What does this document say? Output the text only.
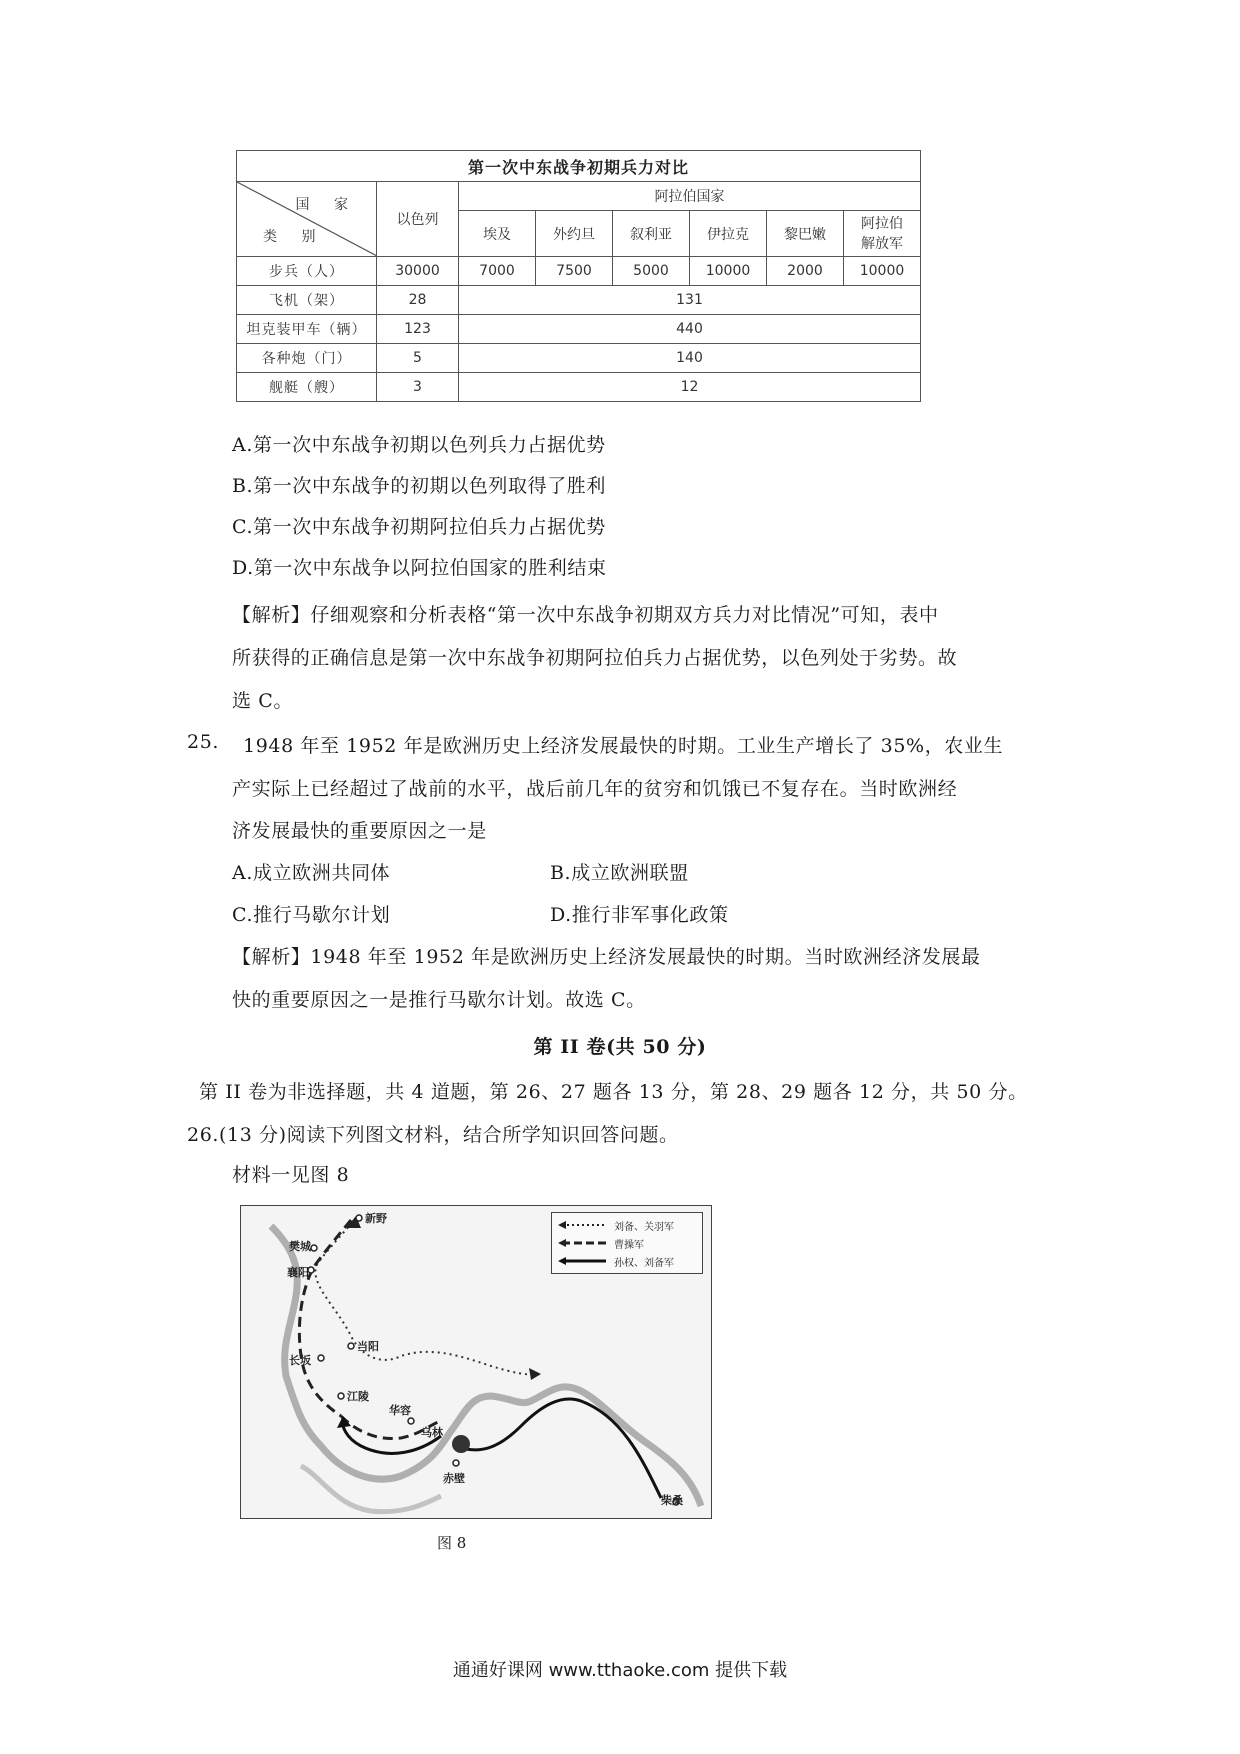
第一次中东战争初期兵力对比							

国 家
类 别	以色列	阿拉伯国家					
		埃及	外约旦	叙利亚	伊拉克	黎巴嫩	阿拉伯
解放军
步兵（人）	30000	7000	7500	5000	10000	2000	10000
飞机（架）	28	131					
坦克装甲车（辆）	123	440					
各种炮（门）	5	140					
舰艇（艘）	3	12					
A.第一次中东战争初期以色列兵力占据优势
B.第一次中东战争的初期以色列取得了胜利
C.第一次中东战争初期阿拉伯兵力占据优势
D.第一次中东战争以阿拉伯国家的胜利结束
【解析】仔细观察和分析表格“第一次中东战争初期双方兵力对比情况”可知，表中
所获得的正确信息是第一次中东战争初期阿拉伯兵力占据优势，以色列处于劣势。故
选 C。
25. 1948 年至 1952 年是欧洲历史上经济发展最快的时期。工业生产增长了 35%，农业生
产实际上已经超过了战前的水平，战后前几年的贫穷和饥饿已不复存在。当时欧洲经
济发展最快的重要原因之一是
A.成立欧洲共同体	B.成立欧洲联盟
C.推行马歇尔计划	D.推行非军事化政策
【解析】1948 年至 1952 年是欧洲历史上经济发展最快的时期。当时欧洲经济发展最
快的重要原因之一是推行马歇尔计划。故选 C。
第 II 卷(共 50 分)
第 II 卷为非选择题，共 4 道题，第 26、27 题各 13 分，第 28、29 题各 12 分，共 50 分。
26.(13 分)阅读下列图文材料，结合所学知识回答问题。
材料一见图 8
新野
樊城
襄阳
当阳
长坂
江陵
华容
乌林
赤壁
柴桑
刘备、关羽军
曹操军
孙权、刘备军
图 8
通通好课网 www.tthaoke.com 提供下载
